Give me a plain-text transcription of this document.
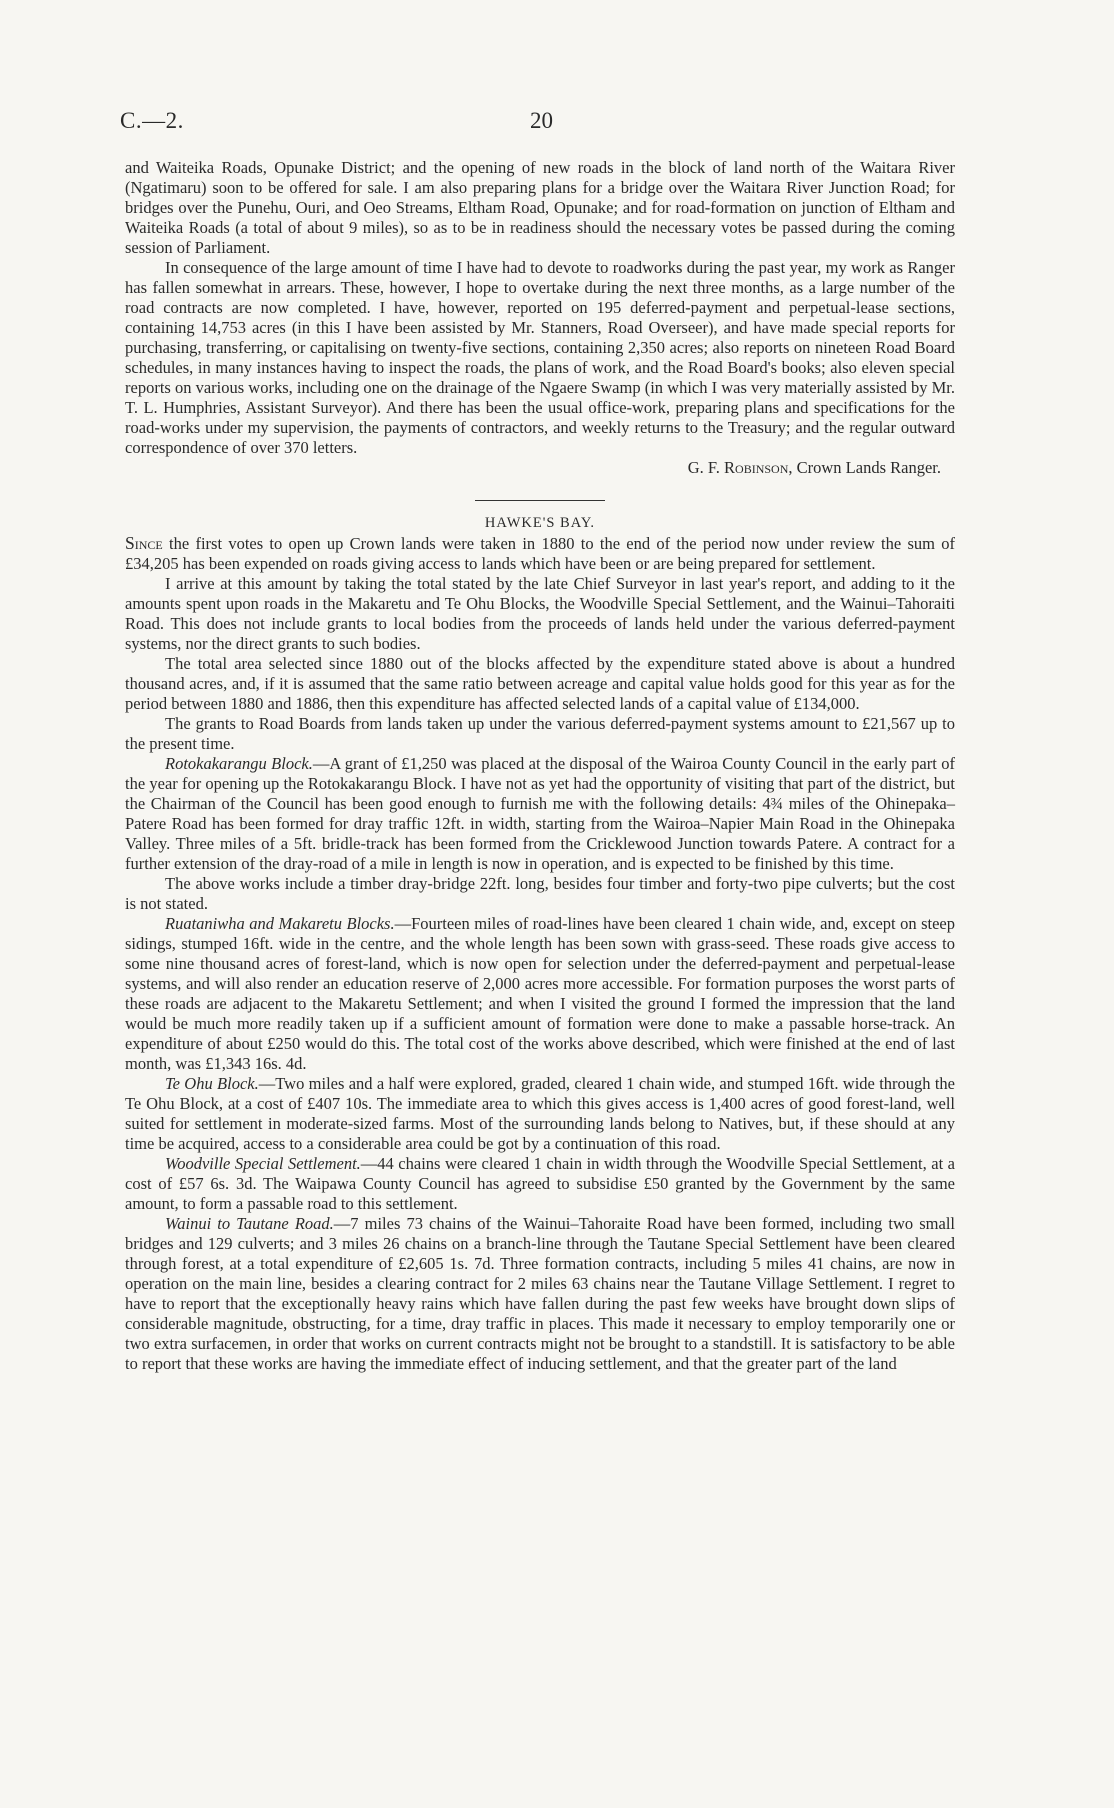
C.—2.	20

and Waiteika Roads, Opunake District; and the opening of new roads in the block of land north of the Waitara River (Ngatimaru) soon to be offered for sale. I am also preparing plans for a bridge over the Waitara River Junction Road; for bridges over the Punehu, Ouri, and Oeo Streams, Eltham Road, Opunake; and for road-formation on junction of Eltham and Waiteika Roads (a total of about 9 miles), so as to be in readiness should the necessary votes be passed during the coming session of Parliament.

In consequence of the large amount of time I have had to devote to roadworks during the past year, my work as Ranger has fallen somewhat in arrears. These, however, I hope to overtake during the next three months, as a large number of the road contracts are now completed. I have, however, reported on 195 deferred-payment and perpetual-lease sections, containing 14,753 acres (in this I have been assisted by Mr. Stanners, Road Overseer), and have made special reports for purchasing, transferring, or capitalising on twenty-five sections, containing 2,350 acres; also reports on nineteen Road Board schedules, in many instances having to inspect the roads, the plans of work, and the Road Board's books; also eleven special reports on various works, including one on the drainage of the Ngaere Swamp (in which I was very materially assisted by Mr. T. L. Humphries, Assistant Surveyor). And there has been the usual office-work, preparing plans and specifications for the road-works under my supervision, the payments of contractors, and weekly returns to the Treasury; and the regular outward correspondence of over 370 letters.

G. F. Robinson, Crown Lands Ranger.

HAWKE'S BAY.

Since the first votes to open up Crown lands were taken in 1880 to the end of the period now under review the sum of £34,205 has been expended on roads giving access to lands which have been or are being prepared for settlement.

I arrive at this amount by taking the total stated by the late Chief Surveyor in last year's report, and adding to it the amounts spent upon roads in the Makaretu and Te Ohu Blocks, the Woodville Special Settlement, and the Wainui–Tahoraiti Road. This does not include grants to local bodies from the proceeds of lands held under the various deferred-payment systems, nor the direct grants to such bodies.

The total area selected since 1880 out of the blocks affected by the expenditure stated above is about a hundred thousand acres, and, if it is assumed that the same ratio between acreage and capital value holds good for this year as for the period between 1880 and 1886, then this expenditure has affected selected lands of a capital value of £134,000.

The grants to Road Boards from lands taken up under the various deferred-payment systems amount to £21,567 up to the present time.

Rotokakarangu Block.—A grant of £1,250 was placed at the disposal of the Wairoa County Council in the early part of the year for opening up the Rotokakarangu Block. I have not as yet had the opportunity of visiting that part of the district, but the Chairman of the Council has been good enough to furnish me with the following details: 4¾ miles of the Ohinepaka–Patere Road has been formed for dray traffic 12ft. in width, starting from the Wairoa–Napier Main Road in the Ohinepaka Valley. Three miles of a 5ft. bridle-track has been formed from the Cricklewood Junction towards Patere. A contract for a further extension of the dray-road of a mile in length is now in operation, and is expected to be finished by this time.

The above works include a timber dray-bridge 22ft. long, besides four timber and forty-two pipe culverts; but the cost is not stated.

Ruataniwha and Makaretu Blocks.—Fourteen miles of road-lines have been cleared 1 chain wide, and, except on steep sidings, stumped 16ft. wide in the centre, and the whole length has been sown with grass-seed. These roads give access to some nine thousand acres of forest-land, which is now open for selection under the deferred-payment and perpetual-lease systems, and will also render an education reserve of 2,000 acres more accessible. For formation purposes the worst parts of these roads are adjacent to the Makaretu Settlement; and when I visited the ground I formed the impression that the land would be much more readily taken up if a sufficient amount of formation were done to make a passable horse-track. An expenditure of about £250 would do this. The total cost of the works above described, which were finished at the end of last month, was £1,343 16s. 4d.

Te Ohu Block.—Two miles and a half were explored, graded, cleared 1 chain wide, and stumped 16ft. wide through the Te Ohu Block, at a cost of £407 10s. The immediate area to which this gives access is 1,400 acres of good forest-land, well suited for settlement in moderate-sized farms. Most of the surrounding lands belong to Natives, but, if these should at any time be acquired, access to a considerable area could be got by a continuation of this road.

Woodville Special Settlement.—44 chains were cleared 1 chain in width through the Woodville Special Settlement, at a cost of £57 6s. 3d. The Waipawa County Council has agreed to subsidise £50 granted by the Government by the same amount, to form a passable road to this settlement.

Wainui to Tautane Road.—7 miles 73 chains of the Wainui–Tahoraite Road have been formed, including two small bridges and 129 culverts; and 3 miles 26 chains on a branch-line through the Tautane Special Settlement have been cleared through forest, at a total expenditure of £2,605 1s. 7d. Three formation contracts, including 5 miles 41 chains, are now in operation on the main line, besides a clearing contract for 2 miles 63 chains near the Tautane Village Settlement. I regret to have to report that the exceptionally heavy rains which have fallen during the past few weeks have brought down slips of considerable magnitude, obstructing, for a time, dray traffic in places. This made it necessary to employ temporarily one or two extra surfacemen, in order that works on current contracts might not be brought to a standstill. It is satisfactory to be able to report that these works are having the immediate effect of inducing settlement, and that the greater part of the land
